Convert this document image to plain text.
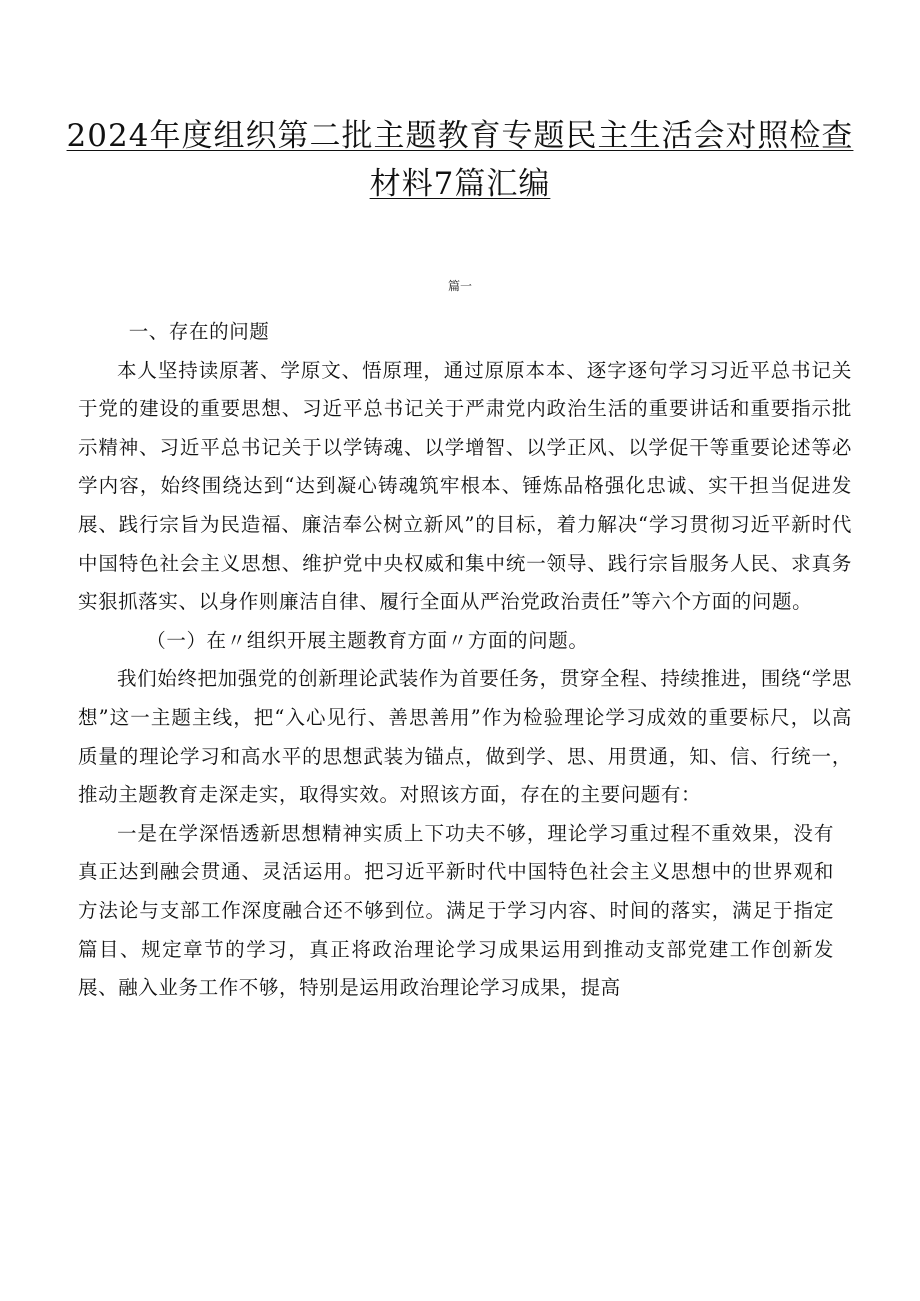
2024年度组织第二批主题教育专题民主生活会对照检查材料7篇汇编
篇一

一、存在的问题

本人坚持读原著、学原文、悟原理，通过原原本本、逐字逐句学习习近平总书记关于党的建设的重要思想、习近平总书记关于严肃党内政治生活的重要讲话和重要指示批示精神、习近平总书记关于以学铸魂、以学增智、以学正风、以学促干等重要论述等必学内容，始终围绕达到“达到凝心铸魂筑牢根本、锤炼品格强化忠诚、实干担当促进发展、践行宗旨为民造福、廉洁奉公树立新风”的目标，着力解决“学习贯彻习近平新时代中国特色社会主义思想、维护党中央权威和集中统一领导、践行宗旨服务人民、求真务实狠抓落实、以身作则廉洁自律、履行全面从严治党政治责任”等六个方面的问题。

（一）在〃组织开展主题教育方面〃方面的问题。

我们始终把加强党的创新理论武装作为首要任务，贯穿全程、持续推进，围绕“学思想”这一主题主线，把“入心见行、善思善用”作为检验理论学习成效的重要标尺，以高质量的理论学习和高水平的思想武装为锚点，做到学、思、用贯通，知、信、行统一，推动主题教育走深走实，取得实效。对照该方面，存在的主要问题有：

一是在学深悟透新思想精神实质上下功夫不够，理论学习重过程不重效果，没有真正达到融会贯通、灵活运用。把习近平新时代中国特色社会主义思想中的世界观和方法论与支部工作深度融合还不够到位。满足于学习内容、时间的落实，满足于指定篇目、规定章节的学习，真正将政治理论学习成果运用到推动支部党建工作创新发展、融入业务工作不够，特别是运用政治理论学习成果，提高
